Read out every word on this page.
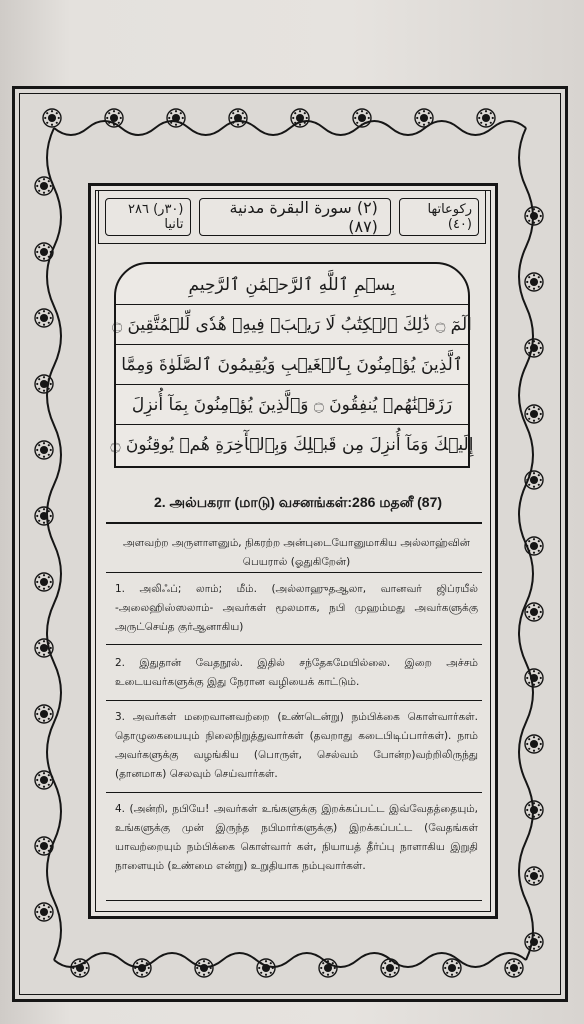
(٣٠ر) ٢٨٦ تانيا
(٢) سورة البقرة مدنية (٨٧)
رکوعاتها (٤٠)
بِسۡمِ ٱللَّهِ ٱلرَّحۡمَٰنِ ٱلرَّحِيمِ
الٓمٓ ۝ ذَٰلِكَ ٱلۡكِتَٰبُ لَا رَيۡبَۛ فِيهِۛ هُدٗى لِّلۡمُتَّقِينَ ۝
ٱلَّذِينَ يُؤۡمِنُونَ بِٱلۡغَيۡبِ وَيُقِيمُونَ ٱلصَّلَوٰةَ وَمِمَّا
رَزَقۡنَٰهُمۡ يُنفِقُونَ ۝ وَٱلَّذِينَ يُؤۡمِنُونَ بِمَآ أُنزِلَ
إِلَيۡكَ وَمَآ أُنزِلَ مِن قَبۡلِكَ وَبِٱلۡأٓخِرَةِ هُمۡ يُوقِنُونَ ۝
2. அல்பகரா (மாடு) வசனங்கள்:286 மதனீ (87)
அளவற்ற அருளாளனும், நிகரற்ற அன்புடையோனுமாகிய அல்லாஹ்வின் பெயரால் (ஓதுகிறேன்)
1. அலிஃப்; லாம்; மீம். (அல்லாஹுதஆலா, வானவர் ஜிப்ரயீல் -அலைஹிஸ்ஸலாம்- அவர்கள் மூலமாக, நபி முஹம்மது அவர்களுக்கு அருட்செய்த குர்ஆனாகிய)
2. இதுதான் வேதநூல். இதில் சந்தேகமேயில்லை. இறை அச்சம் உடையவர்களுக்கு இது நேரான வழியைக் காட்டும்.
3. அவர்கள் மறைவானவற்றை (உண்டென்று) நம்பிக்கை கொள்வார்கள். தொழுகையையும் நிலைநிறுத்துவார்கள் (தவறாது கடைபிடிப்பார்கள்). நாம் அவர்களுக்கு வழங்கிய (பொருள், செல்வம் போன்ற)வற்றிலிருந்து (தானமாக) செலவும் செய்வார்கள்.
4. (அன்றி, நபியே! அவர்கள் உங்களுக்கு இறக்கப்பட்ட இவ்வேதத்தையும், உங்களுக்கு முன் இருந்த நபிமார்களுக்கு) இறக்கப்பட்ட (வேதங்கள் யாவற்றையும் நம்பிக்கை கொள்வார் கள், நியாயத் தீர்ப்பு நாளாகிய இறுதி நாளையும் (உண்மை என்று) உறுதியாக நம்புவார்கள்.
